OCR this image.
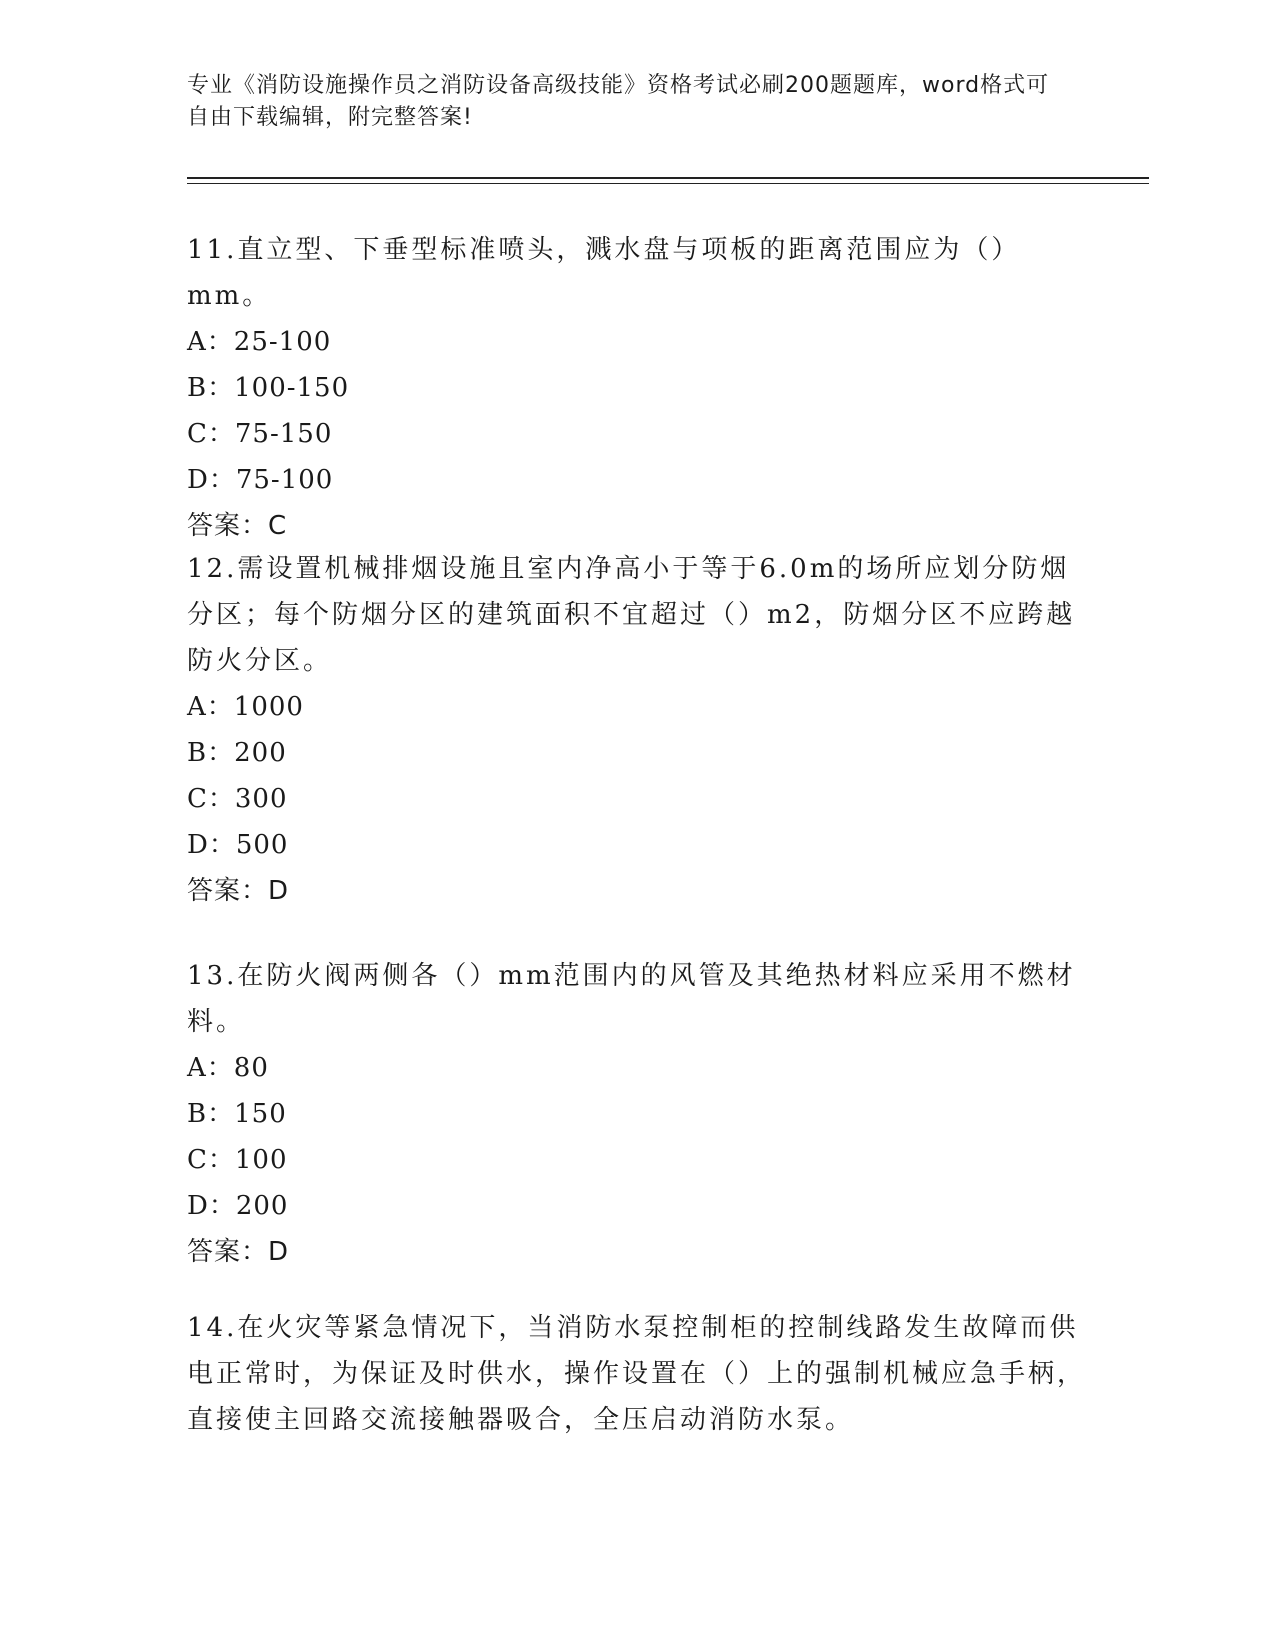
专业《消防设施操作员之消防设备高级技能》资格考试必刷200题题库，word格式可自由下载编辑，附完整答案!
11.直立型、下垂型标准喷头，溅水盘与项板的距离范围应为（）mm。
A：25-100
B：100-150
C：75-150
D：75-100
答案：C
12.需设置机械排烟设施且室内净高小于等于6.0m的场所应划分防烟分区；每个防烟分区的建筑面积不宜超过（）m2，防烟分区不应跨越防火分区。
A：1000
B：200
C：300
D：500
答案：D
13.在防火阀两侧各（）mm范围内的风管及其绝热材料应采用不燃材料。
A：80
B：150
C：100
D：200
答案：D
14.在火灾等紧急情况下，当消防水泵控制柜的控制线路发生故障而供电正常时，为保证及时供水，操作设置在（）上的强制机械应急手柄，直接使主回路交流接触器吸合，全压启动消防水泵。
